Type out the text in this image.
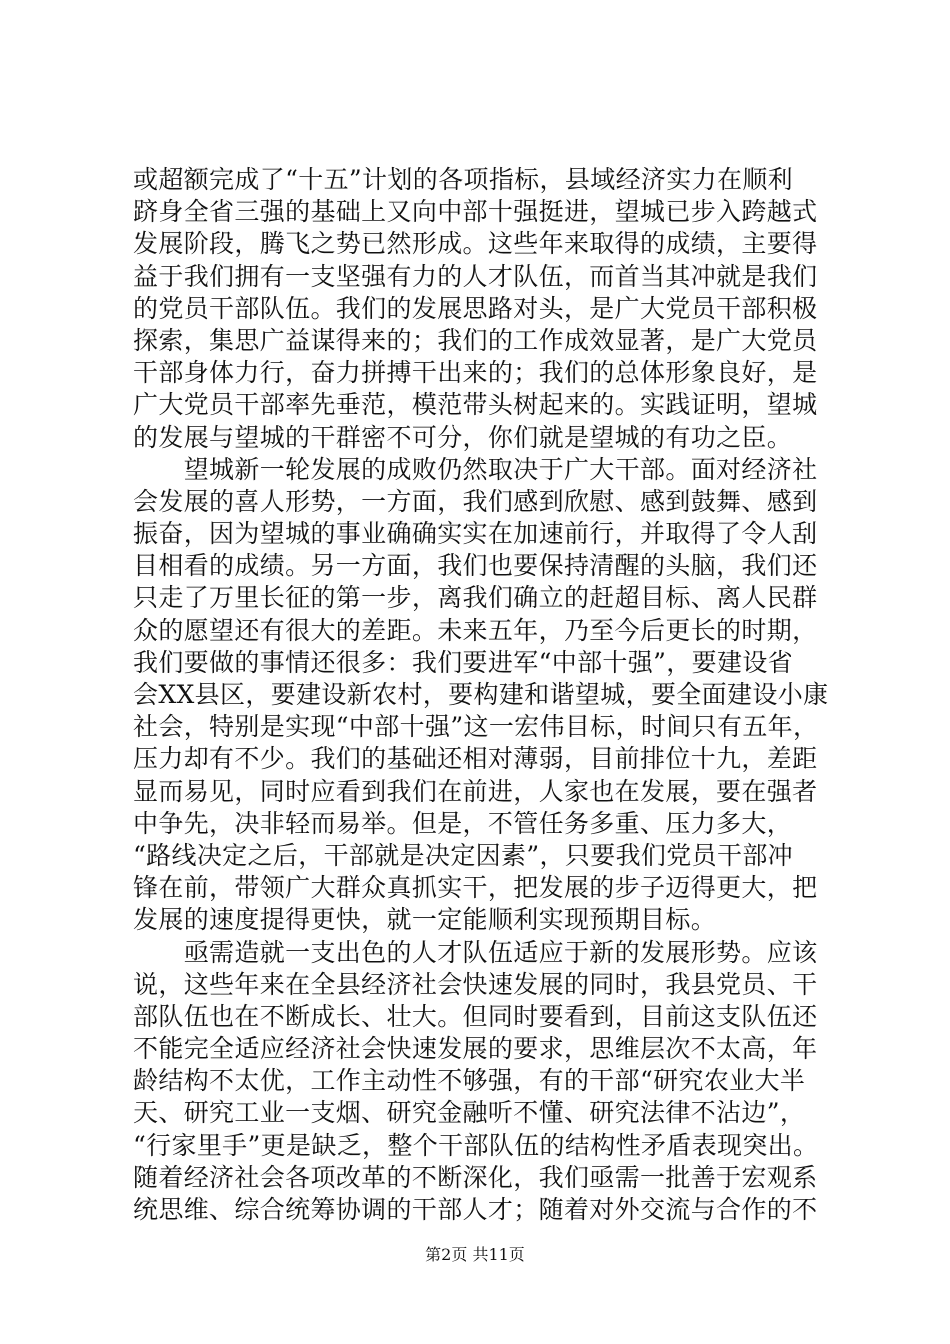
或超额完成了“十五”计划的各项指标，县域经济实力在顺利
跻身全省三强的基础上又向中部十强挺进，望城已步入跨越式
发展阶段，腾飞之势已然形成。这些年来取得的成绩，主要得
益于我们拥有一支坚强有力的人才队伍，而首当其冲就是我们
的党员干部队伍。我们的发展思路对头，是广大党员干部积极
探索，集思广益谋得来的；我们的工作成效显著，是广大党员
干部身体力行，奋力拼搏干出来的；我们的总体形象良好，是
广大党员干部率先垂范，模范带头树起来的。实践证明，望城
的发展与望城的干群密不可分，你们就是望城的有功之臣。
　　望城新一轮发展的成败仍然取决于广大干部。面对经济社
会发展的喜人形势，一方面，我们感到欣慰、感到鼓舞、感到
振奋，因为望城的事业确确实实在加速前行，并取得了令人刮
目相看的成绩。另一方面，我们也要保持清醒的头脑，我们还
只走了万里长征的第一步，离我们确立的赶超目标、离人民群
众的愿望还有很大的差距。未来五年，乃至今后更长的时期，
我们要做的事情还很多：我们要进军“中部十强”，要建设省
会XX县区，要建设新农村，要构建和谐望城，要全面建设小康
社会，特别是实现“中部十强”这一宏伟目标，时间只有五年，
压力却有不少。我们的基础还相对薄弱，目前排位十九，差距
显而易见，同时应看到我们在前进，人家也在发展，要在强者
中争先，决非轻而易举。但是，不管任务多重、压力多大，
“路线决定之后，干部就是决定因素”，只要我们党员干部冲
锋在前，带领广大群众真抓实干，把发展的步子迈得更大，把
发展的速度提得更快，就一定能顺利实现预期目标。
　　亟需造就一支出色的人才队伍适应于新的发展形势。应该
说，这些年来在全县经济社会快速发展的同时，我县党员、干
部队伍也在不断成长、壮大。但同时要看到，目前这支队伍还
不能完全适应经济社会快速发展的要求，思维层次不太高，年
龄结构不太优，工作主动性不够强，有的干部“研究农业大半
天、研究工业一支烟、研究金融听不懂、研究法律不沾边”，
“行家里手”更是缺乏，整个干部队伍的结构性矛盾表现突出。
随着经济社会各项改革的不断深化，我们亟需一批善于宏观系
统思维、综合统筹协调的干部人才；随着对外交流与合作的不
第2页 共11页
